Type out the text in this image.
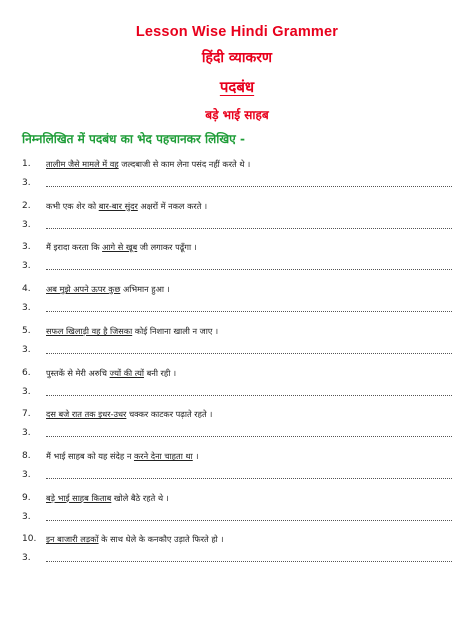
Lesson Wise Hindi Grammer
हिंदी व्याकरण
पदबंध
बड़े भाई साहब
निम्नलिखित में पदबंध का भेद पहचानकर लिखिए -
1. तालीम जैसे मामले में वह जल्दबाजी से काम लेना पसंद नहीं करते थे ।
3.
2. कभी एक शेर को बार-बार सुंदर अक्षरों में नकल करते ।
3.
3. मैं इरादा करता कि आगे से खूब जी लगाकर पढूँगा ।
3.
4. अब मुझे अपने ऊपर कुछ अभिमान हुआ ।
3.
5. सफल खिलाड़ी वह है जिसका कोई निशाना खाली न जाए ।
3.
6. पुस्तकें से मेरी अरुचि ज्यों की त्यों बनी रही ।
3.
7. दस बजे रात तक इधर-उधर चक्कर काटकर पढ़ाते रहते ।
3.
8. मैं भाई साहब को यह संदेह न करने देना चाहता था ।
3.
9. बड़े भाई साहब किताब खोले बैठे रहते थे ।
3.
10. इन बाजारी लड़कों के साथ धेले के कनकौए उड़ाते फिरते हो ।
3.
